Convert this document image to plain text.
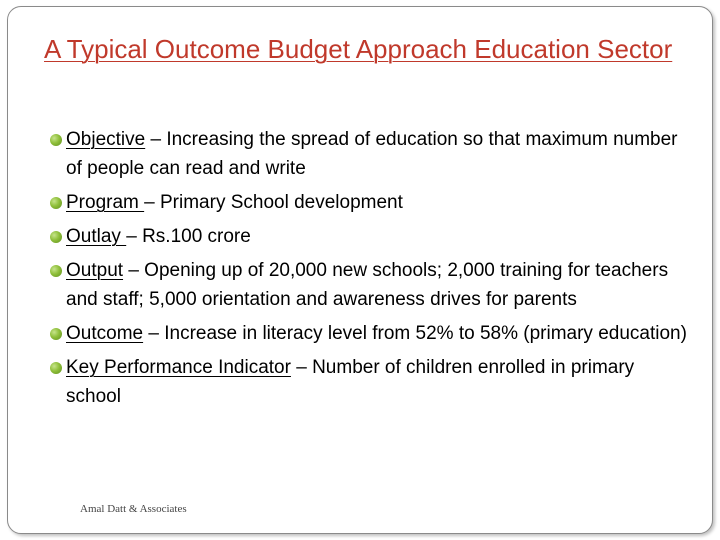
A Typical Outcome Budget Approach Education Sector
Objective – Increasing the spread of education so that maximum number of people can read and write
Program – Primary School development
Outlay – Rs.100 crore
Output – Opening up of 20,000 new schools; 2,000 training for teachers and staff; 5,000 orientation and awareness drives for parents
Outcome – Increase in literacy level from 52% to 58% (primary education)
Key Performance Indicator – Number of children enrolled in primary school
Amal Datt & Associates
